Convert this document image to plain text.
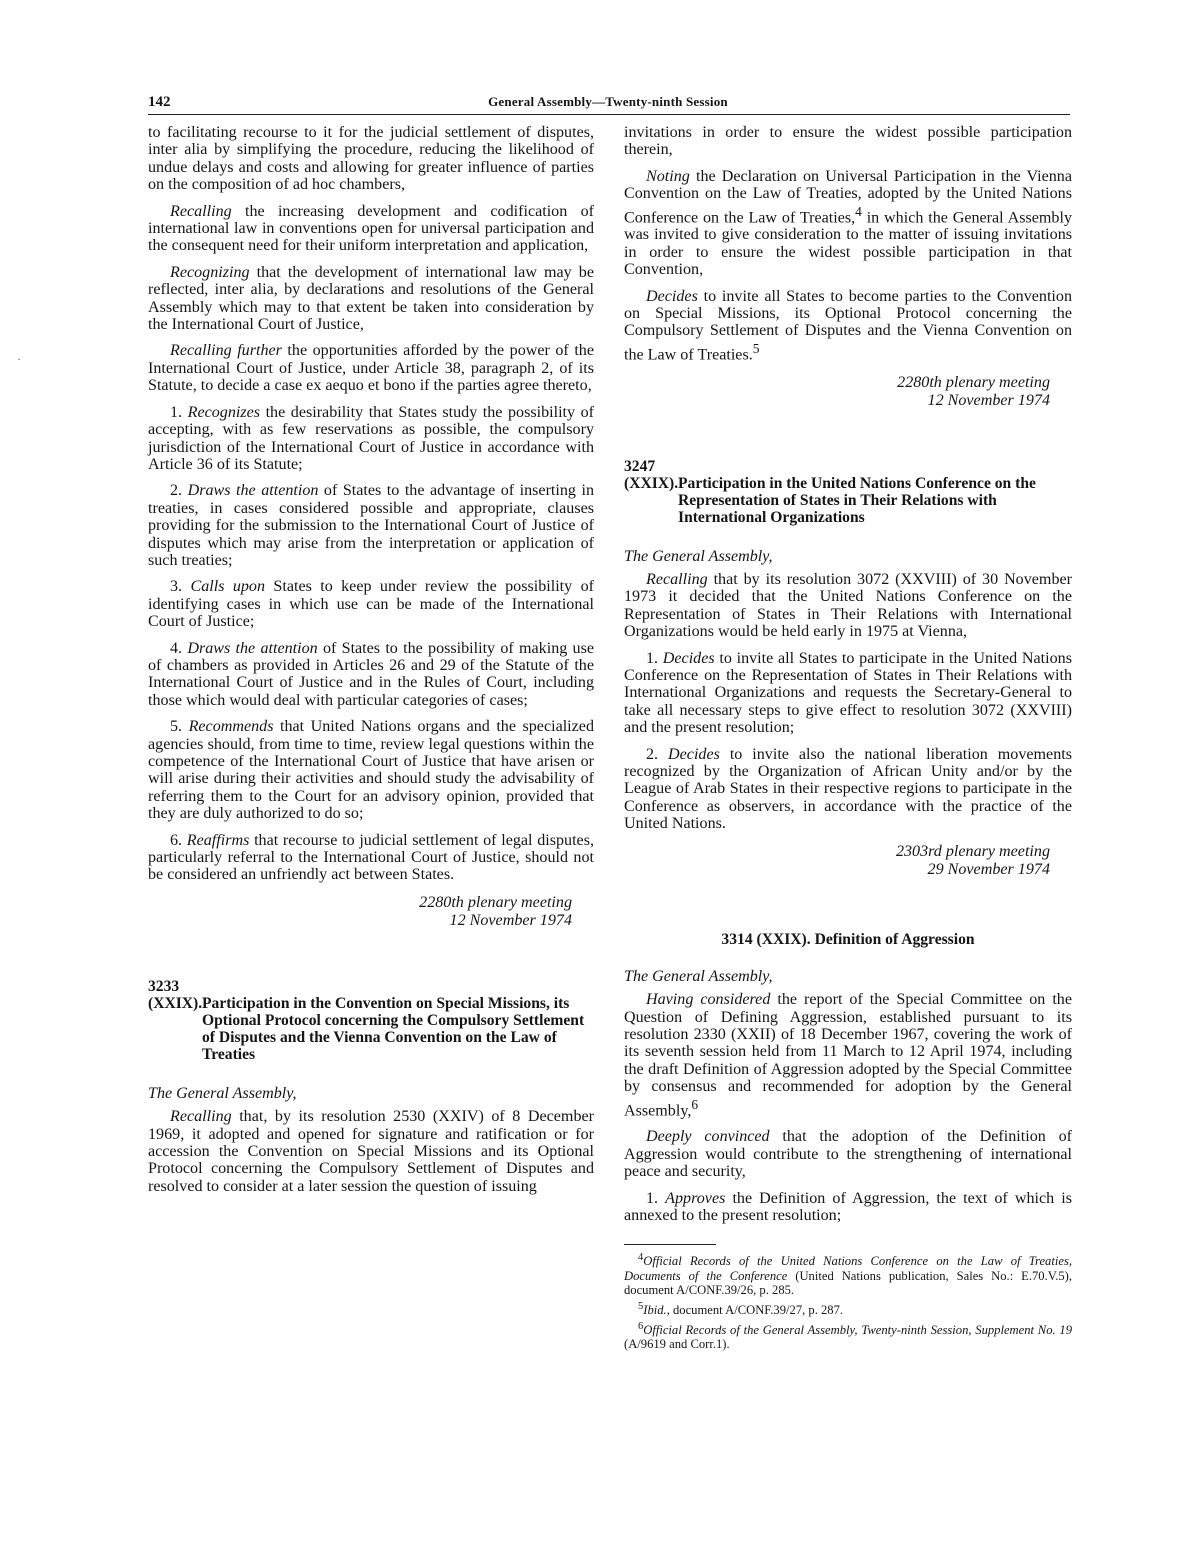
142	General Assembly—Twenty-ninth Session
·

to facilitating recourse to it for the judicial settlement of disputes, inter alia by simplifying the procedure, reducing the likelihood of undue delays and costs and allowing for greater influence of parties on the composition of ad hoc chambers,

Recalling the increasing development and codification of international law in conventions open for universal participation and the consequent need for their uniform interpretation and application,

Recognizing that the development of international law may be reflected, inter alia, by declarations and resolutions of the General Assembly which may to that extent be taken into consideration by the International Court of Justice,

Recalling further the opportunities afforded by the power of the International Court of Justice, under Article 38, paragraph 2, of its Statute, to decide a case ex aequo et bono if the parties agree thereto,

1. Recognizes the desirability that States study the possibility of accepting, with as few reservations as possible, the compulsory jurisdiction of the International Court of Justice in accordance with Article 36 of its Statute;

2. Draws the attention of States to the advantage of inserting in treaties, in cases considered possible and appropriate, clauses providing for the submission to the International Court of Justice of disputes which may arise from the interpretation or application of such treaties;

3. Calls upon States to keep under review the possibility of identifying cases in which use can be made of the International Court of Justice;

4. Draws the attention of States to the possibility of making use of chambers as provided in Articles 26 and 29 of the Statute of the International Court of Justice and in the Rules of Court, including those which would deal with particular categories of cases;

5. Recommends that United Nations organs and the specialized agencies should, from time to time, review legal questions within the competence of the International Court of Justice that have arisen or will arise during their activities and should study the advisability of referring them to the Court for an advisory opinion, provided that they are duly authorized to do so;

6. Reaffirms that recourse to judicial settlement of legal disputes, particularly referral to the International Court of Justice, should not be considered an unfriendly act between States.

2280th plenary meeting
12 November 1974
3233 (XXIX).Participation in the Convention on Special Missions, its Optional Protocol concerning the Compulsory Settlement of Disputes and the Vienna Convention on the Law of Treaties

The General Assembly,

Recalling that, by its resolution 2530 (XXIV) of 8 December 1969, it adopted and opened for signature and ratification or for accession the Convention on Special Missions and its Optional Protocol concerning the Compulsory Settlement of Disputes and resolved to consider at a later session the question of issuing

invitations in order to ensure the widest possible participation therein,

Noting the Declaration on Universal Participation in the Vienna Convention on the Law of Treaties, adopted by the United Nations Conference on the Law of Treaties,$^4$ in which the General Assembly was invited to give consideration to the matter of issuing invitations in order to ensure the widest possible participation in that Convention,

Decides to invite all States to become parties to the Convention on Special Missions, its Optional Protocol concerning the Compulsory Settlement of Disputes and the Vienna Convention on the Law of Treaties.$^5$

2280th plenary meeting
12 November 1974
3247 (XXIX).Participation in the United Nations Conference on the Representation of States in Their Relations with International Organizations

The General Assembly,

Recalling that by its resolution 3072 (XXVIII) of 30 November 1973 it decided that the United Nations Conference on the Representation of States in Their Relations with International Organizations would be held early in 1975 at Vienna,

1. Decides to invite all States to participate in the United Nations Conference on the Representation of States in Their Relations with International Organizations and requests the Secretary-General to take all necessary steps to give effect to resolution 3072 (XXVIII) and the present resolution;

2. Decides to invite also the national liberation movements recognized by the Organization of African Unity and/or by the League of Arab States in their respective regions to participate in the Conference as observers, in accordance with the practice of the United Nations.

2303rd plenary meeting
29 November 1974
3314 (XXIX). Definition of Aggression

The General Assembly,

Having considered the report of the Special Committee on the Question of Defining Aggression, established pursuant to its resolution 2330 (XXII) of 18 December 1967, covering the work of its seventh session held from 11 March to 12 April 1974, including the draft Definition of Aggression adopted by the Special Committee by consensus and recommended for adoption by the General Assembly,$^6$

Deeply convinced that the adoption of the Definition of Aggression would contribute to the strengthening of international peace and security,

1. Approves the Definition of Aggression, the text of which is annexed to the present resolution;

$^4$Official Records of the United Nations Conference on the Law of Treaties, Documents of the Conference (United Nations publication, Sales No.: E.70.V.5), document A/CONF.39/26, p. 285.

$^5$Ibid., document A/CONF.39/27, p. 287.

$^6$Official Records of the General Assembly, Twenty-ninth Session, Supplement No. 19 (A/9619 and Corr.1).
